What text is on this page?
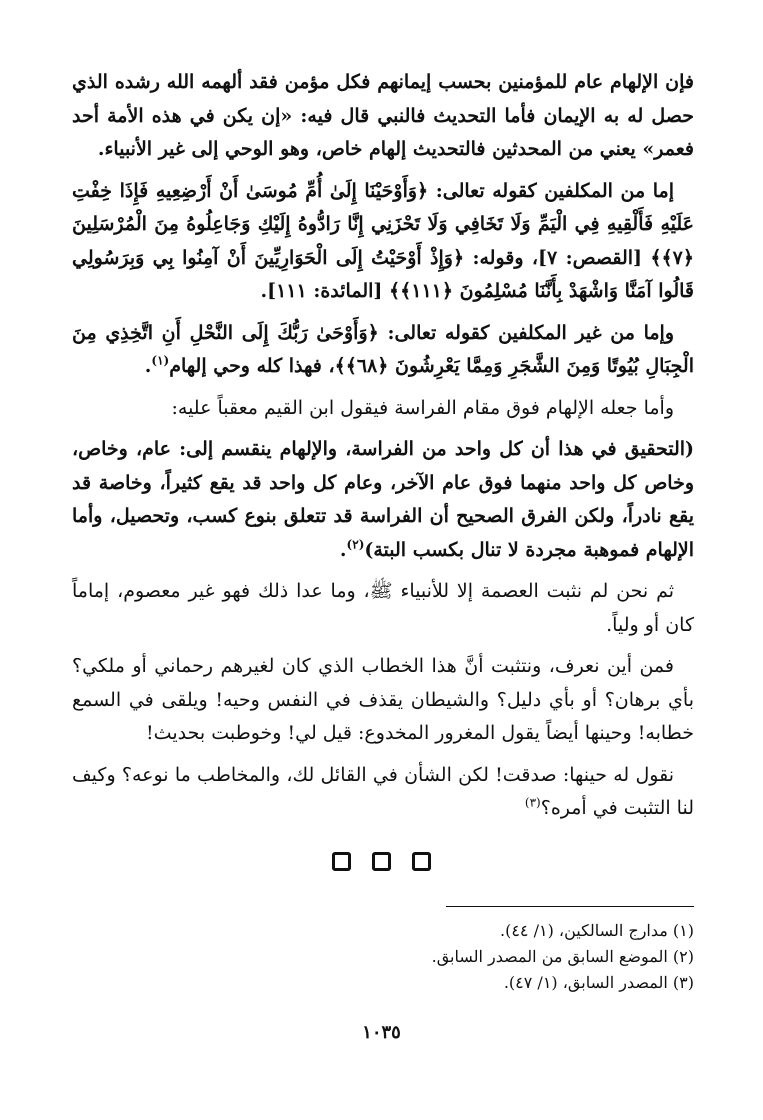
فإن الإلهام عام للمؤمنين بحسب إيمانهم فكل مؤمن فقد ألهمه الله رشده الذي حصل له به الإيمان فأما التحديث فالنبي قال فيه: «إن يكن في هذه الأمة أحد فعمر» يعني من المحدثين فالتحديث إلهام خاص، وهو الوحي إلى غير الأنبياء.

إما من المكلفين كقوله تعالى: ﴿وَأَوْحَيْنَا إِلَىٰ أُمِّ مُوسَىٰ أَنْ أَرْضِعِيهِ فَإِذَا خِفْتِ عَلَيْهِ فَأَلْقِيهِ فِي الْيَمِّ وَلَا تَخَافِي وَلَا تَحْزَنِي إِنَّا رَادُّوهُ إِلَيْكِ وَجَاعِلُوهُ مِنَ الْمُرْسَلِينَ ﴿٧﴾﴾ [القصص: ٧]، وقوله: ﴿وَإِذْ أَوْحَيْتُ إِلَى الْحَوَارِيِّينَ أَنْ آمِنُوا بِي وَبِرَسُولِي قَالُوا آمَنَّا وَاشْهَدْ بِأَنَّنَا مُسْلِمُونَ ﴿١١١﴾﴾ [المائدة: ١١١].

وإما من غير المكلفين كقوله تعالى: ﴿وَأَوْحَىٰ رَبُّكَ إِلَى النَّحْلِ أَنِ اتَّخِذِي مِنَ الْجِبَالِ بُيُوتًا وَمِنَ الشَّجَرِ وَمِمَّا يَعْرِشُونَ ﴿٦٨﴾﴾، فهذا كله وحي إلهام$^{(١)}$.

وأما جعله الإلهام فوق مقام الفراسة فيقول ابن القيم معقباً عليه:

(التحقيق في هذا أن كل واحد من الفراسة، والإلهام ينقسم إلى: عام، وخاص، وخاص كل واحد منهما فوق عام الآخر، وعام كل واحد قد يقع كثيراً، وخاصة قد يقع نادراً، ولكن الفرق الصحيح أن الفراسة قد تتعلق بنوع كسب، وتحصيل، وأما الإلهام فموهبة مجردة لا تنال بكسب البتة)$^{(٢)}$.

ثم نحن لم نثبت العصمة إلا للأنبياء ﷺ، وما عدا ذلك فهو غير معصوم، إماماً كان أو ولياً.

فمن أين نعرف، ونتثبت أنَّ هذا الخطاب الذي كان لغيرهم رحماني أو ملكي؟ بأي برهان؟ أو بأي دليل؟ والشيطان يقذف في النفس وحيه! ويلقى في السمع خطابه! وحينها أيضاً يقول المغرور المخدوع: قيل لي! وخوطبت بحديث!

نقول له حينها: صدقت! لكن الشأن في القائل لك، والمخاطب ما نوعه؟ وكيف لنا التثبت في أمره؟$^{(٣)}$

(١) مدارج السالكين، (١/ ٤٤).
(٢) الموضع السابق من المصدر السابق.
(٣) المصدر السابق، (١/ ٤٧).
١٠٣٥
